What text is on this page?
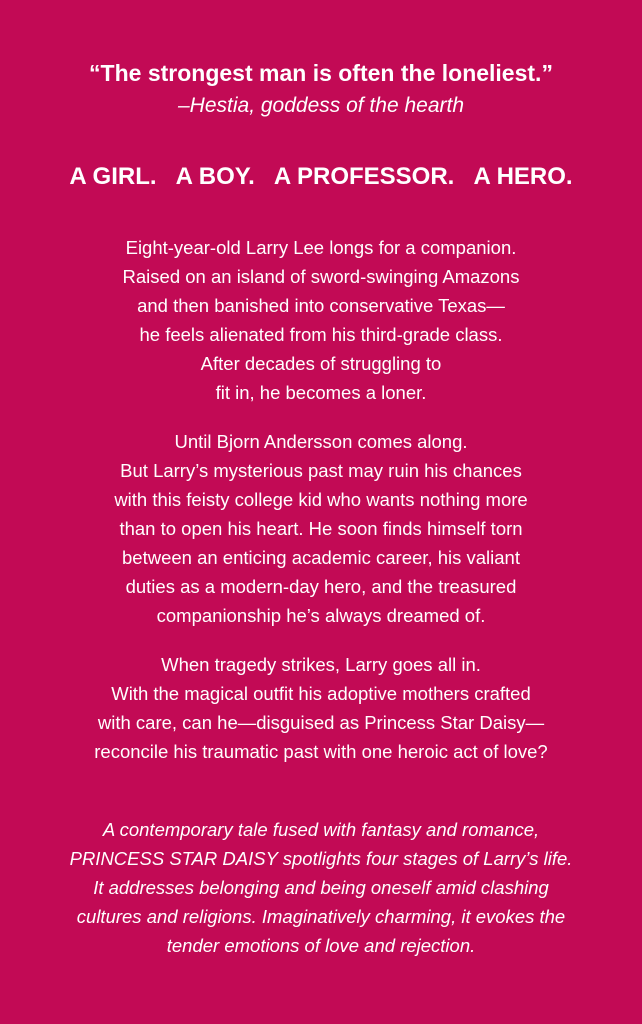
“The strongest man is often the loneliest.”
–Hestia, goddess of the hearth
A GIRL.   A BOY.   A PROFESSOR.   A HERO.
Eight-year-old Larry Lee longs for a companion.
Raised on an island of sword-swinging Amazons
and then banished into conservative Texas—
he feels alienated from his third-grade class.
After decades of struggling to
fit in, he becomes a loner.
Until Bjorn Andersson comes along.
But Larry’s mysterious past may ruin his chances
with this feisty college kid who wants nothing more
than to open his heart. He soon finds himself torn
between an enticing academic career, his valiant
duties as a modern-day hero, and the treasured
companionship he’s always dreamed of.
When tragedy strikes, Larry goes all in.
With the magical outfit his adoptive mothers crafted
with care, can he—disguised as Princess Star Daisy—
reconcile his traumatic past with one heroic act of love?
A contemporary tale fused with fantasy and romance,
PRINCESS STAR DAISY spotlights four stages of Larry’s life.
It addresses belonging and being oneself amid clashing
cultures and religions. Imaginatively charming, it evokes the
tender emotions of love and rejection.
